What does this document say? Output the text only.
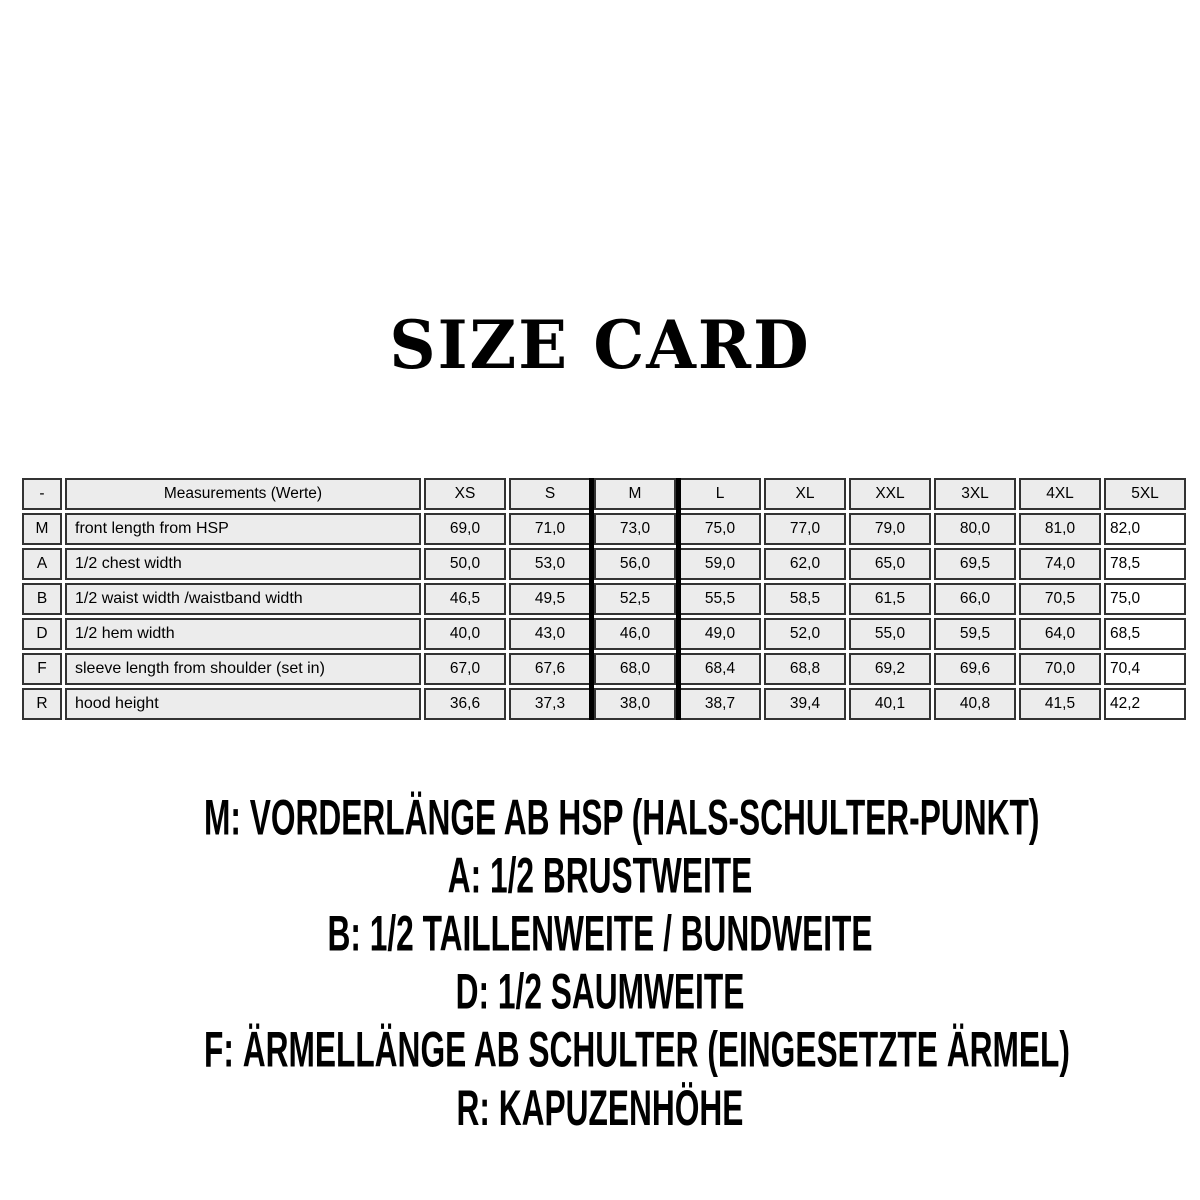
SIZE CARD
-	Measurements (Werte)	XS	S	M	L	XL	XXL	3XL	4XL	5XL
M	front length from HSP	69,0	71,0	73,0	75,0	77,0	79,0	80,0	81,0	82,0
A	1/2 chest width	50,0	53,0	56,0	59,0	62,0	65,0	69,5	74,0	78,5
B	1/2 waist width /waistband width	46,5	49,5	52,5	55,5	58,5	61,5	66,0	70,5	75,0
D	1/2 hem width	40,0	43,0	46,0	49,0	52,0	55,0	59,5	64,0	68,5
F	sleeve length from shoulder (set in)	67,0	67,6	68,0	68,4	68,8	69,2	69,6	70,0	70,4
R	hood height	36,6	37,3	38,0	38,7	39,4	40,1	40,8	41,5	42,2
M: VORDERLÄNGE AB HSP (HALS-SCHULTER-PUNKT)
A: 1/2 BRUSTWEITE
B: 1/2 TAILLENWEITE / BUNDWEITE
D: 1/2 SAUMWEITE
F: ÄRMELLÄNGE AB SCHULTER (EINGESETZTE ÄRMEL)
R: KAPUZENHÖHE
